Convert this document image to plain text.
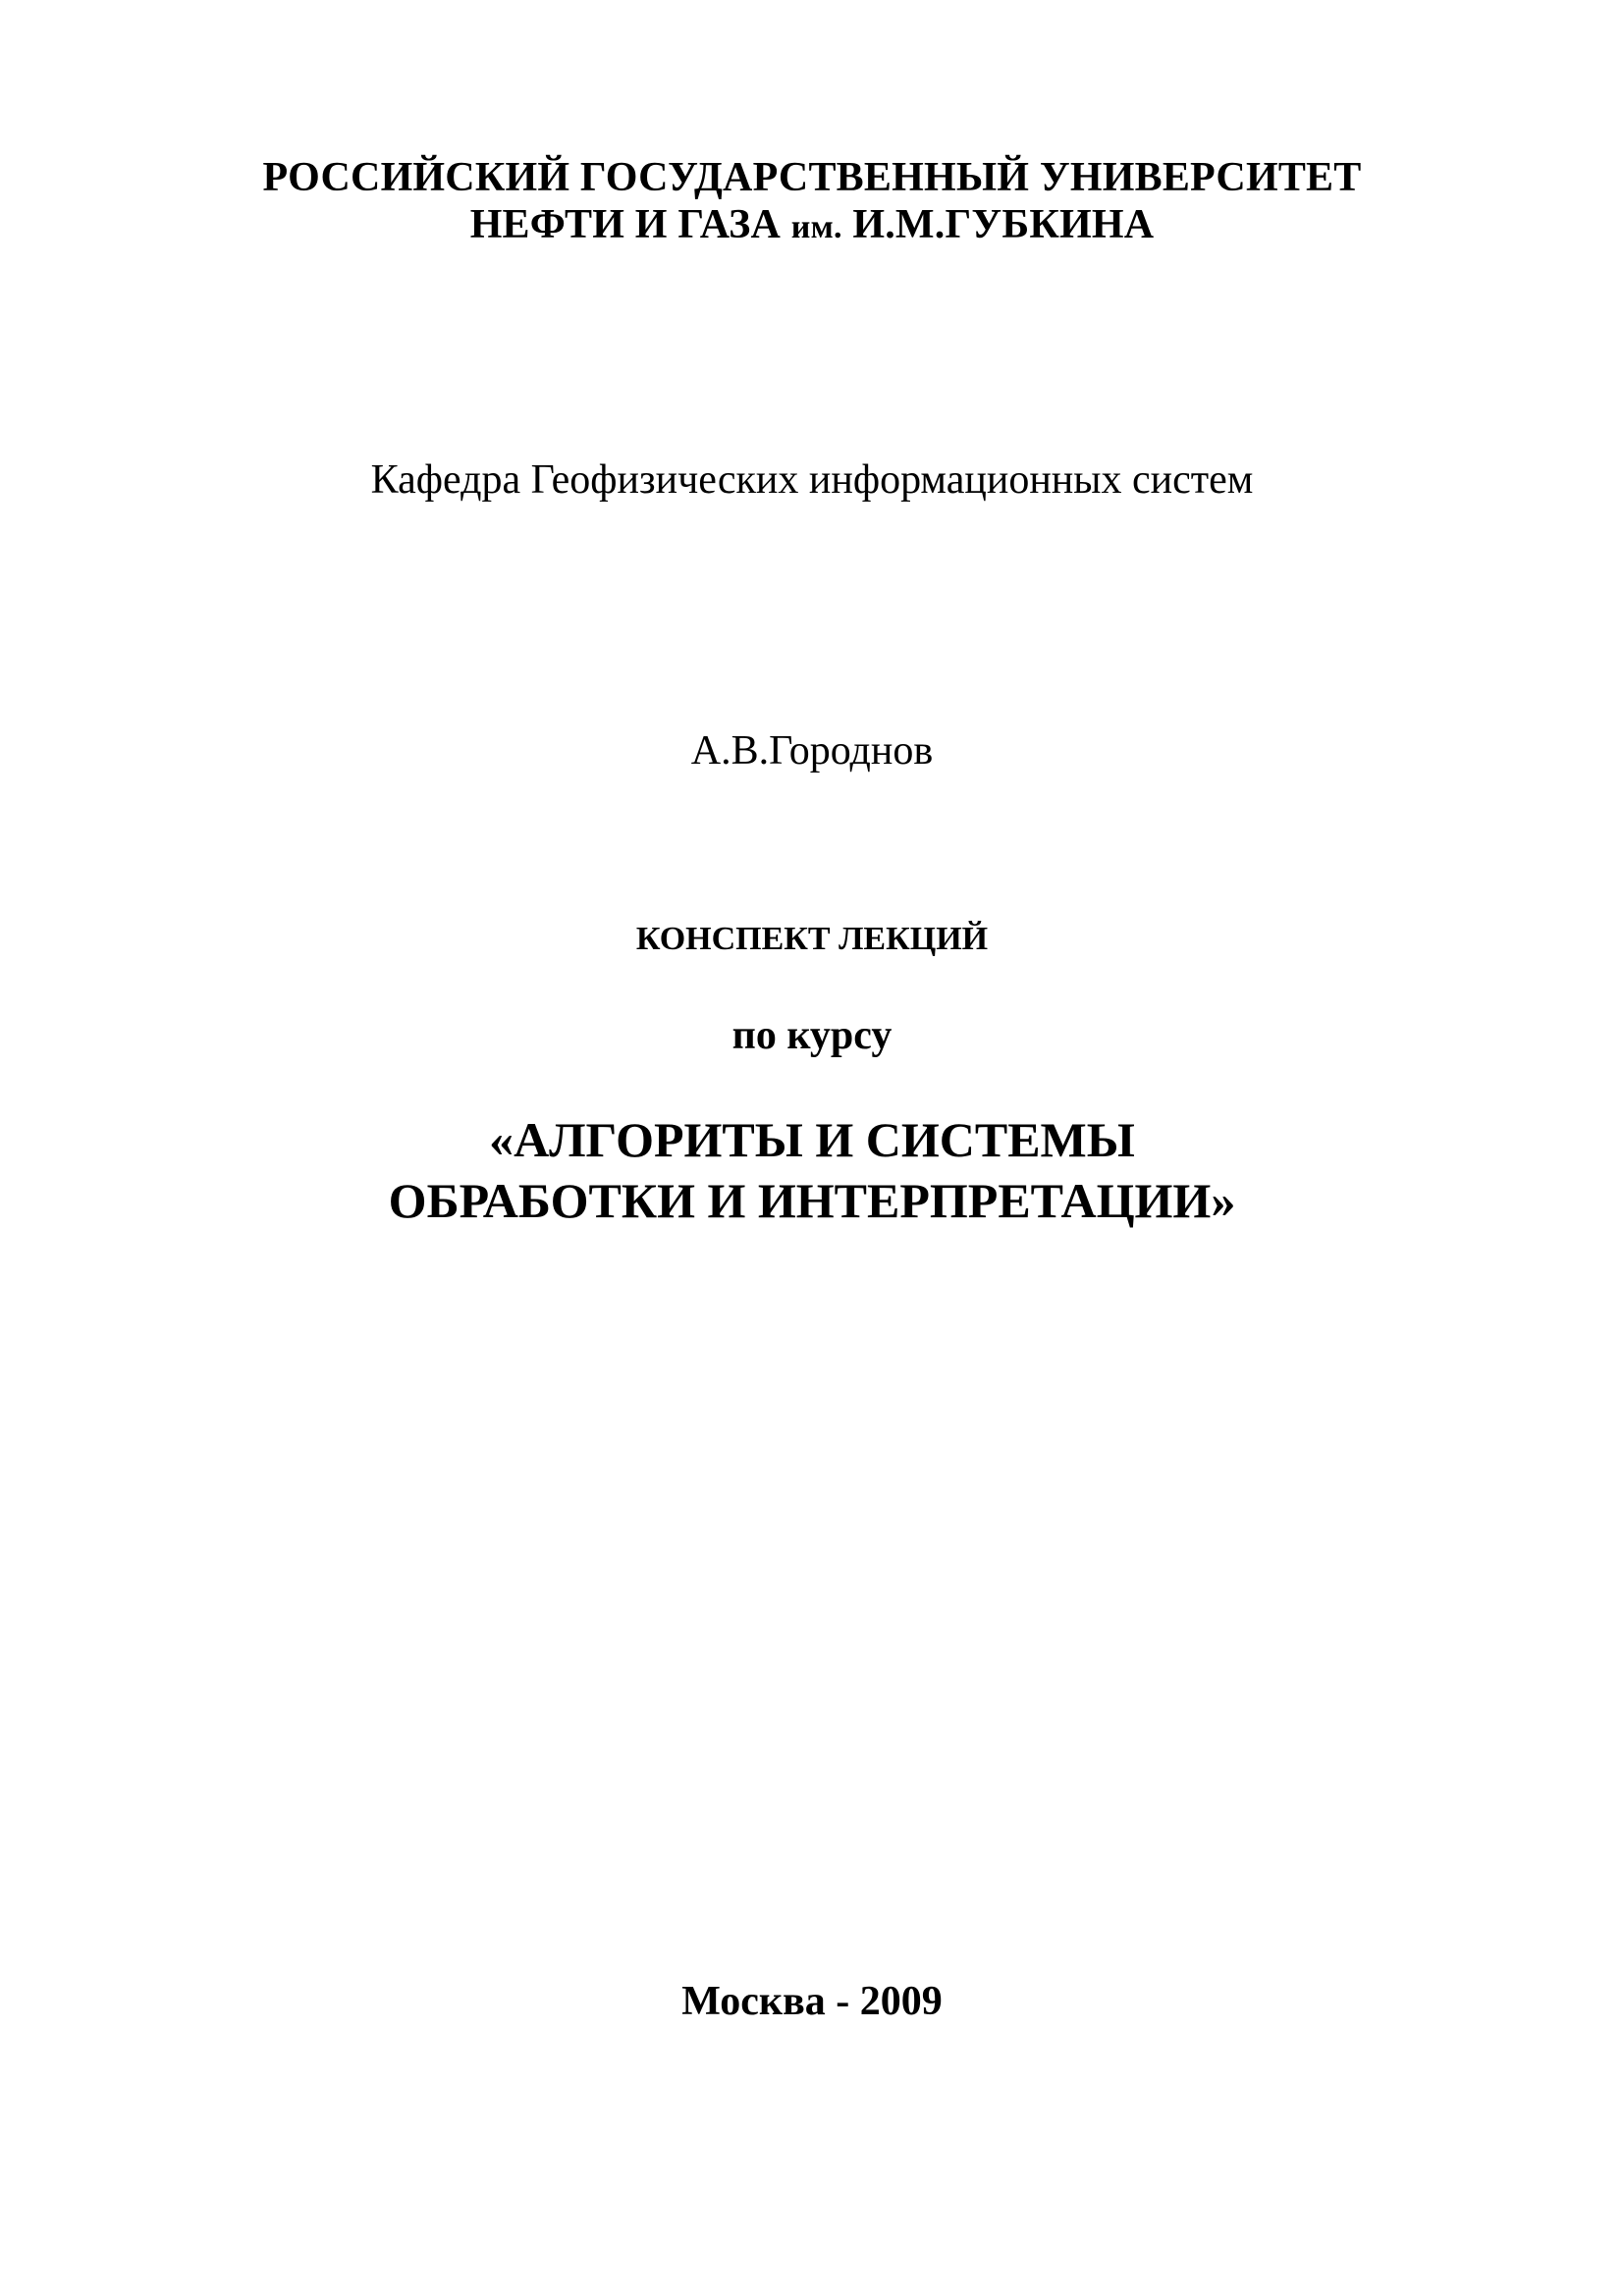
РОССИЙСКИЙ ГОСУДАРСТВЕННЫЙ УНИВЕРСИТЕТ
НЕФТИ И ГАЗА им. И.М.ГУБКИНА
Кафедра Геофизических информационных систем
А.В.Городнов
КОНСПЕКТ ЛЕКЦИЙ
по курсу
«АЛГОРИТЫ И СИСТЕМЫ
ОБРАБОТКИ И ИНТЕРПРЕТАЦИИ»
Москва - 2009
